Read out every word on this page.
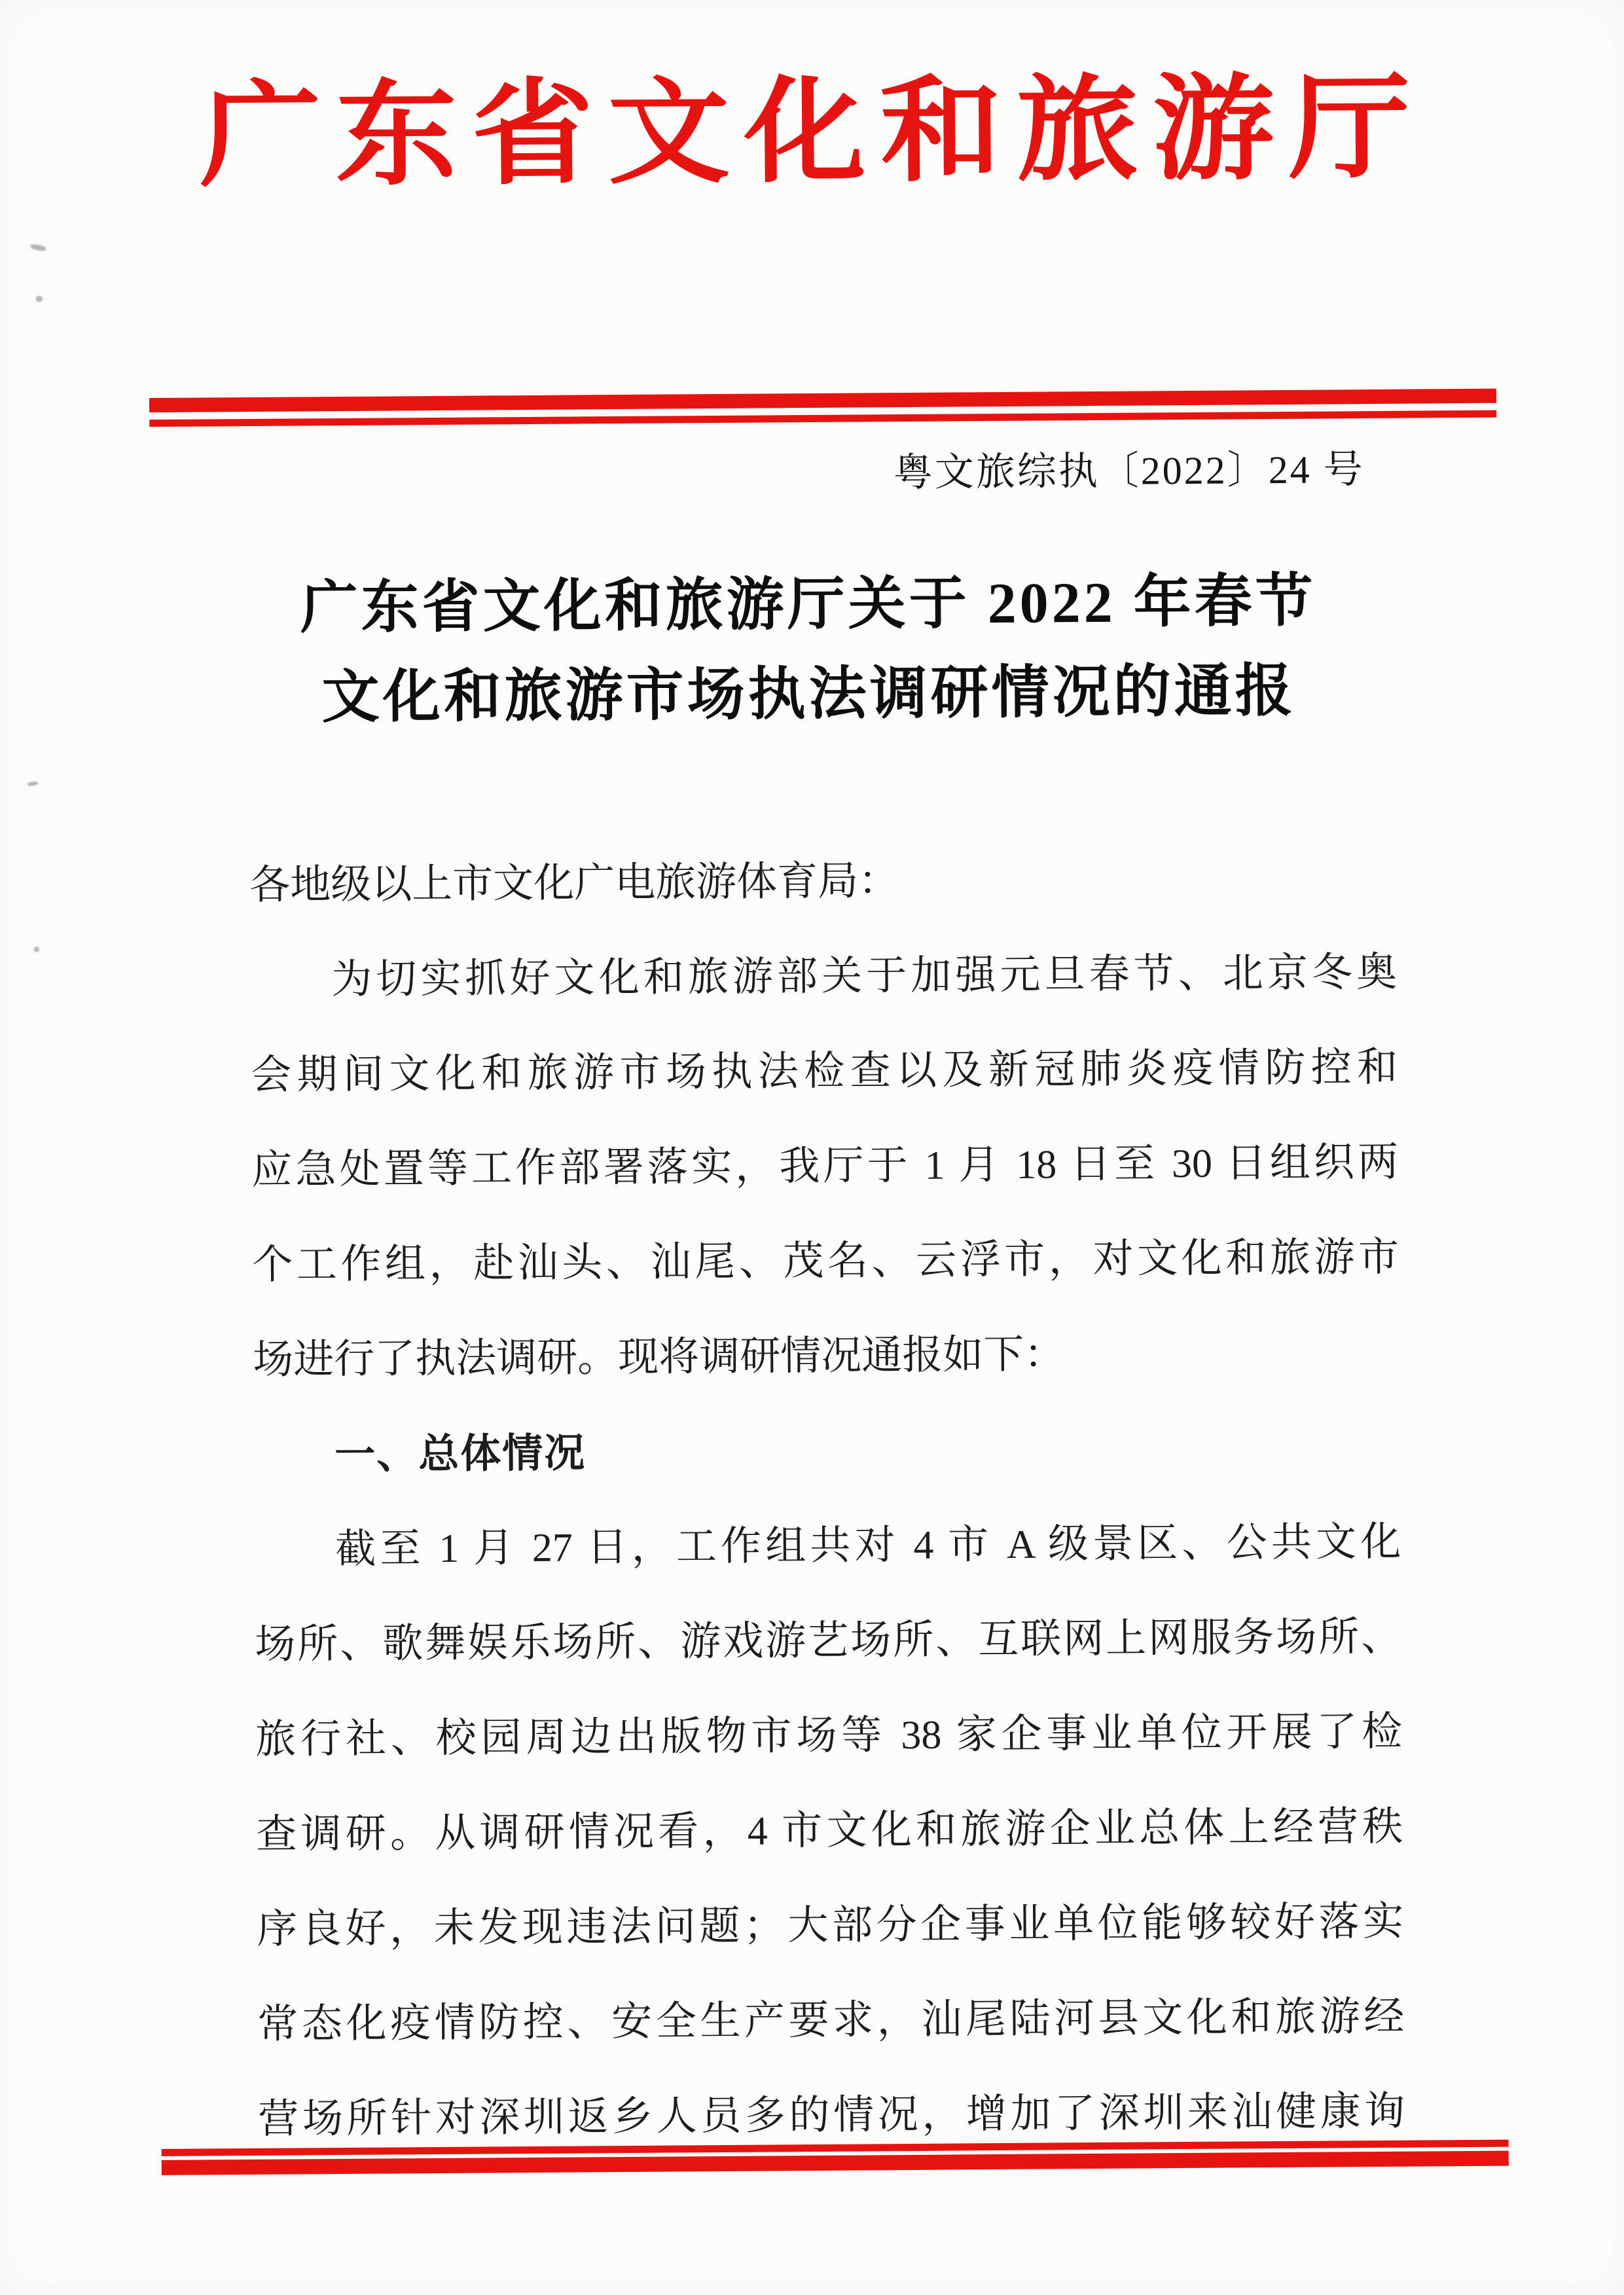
广东省文化和旅游厅
粤文旅综执〔2022〕24 号
广东省文化和旅游厅关于 2022 年春节
文化和旅游市场执法调研情况的通报
各地级以上市文化广电旅游体育局：
为切实抓好文化和旅游部关于加强元旦春节、北京冬奥
会期间文化和旅游市场执法检查以及新冠肺炎疫情防控和
应急处置等工作部署落实，我厅于 1 月 18 日至 30 日组织两
个工作组，赴汕头、汕尾、茂名、云浮市，对文化和旅游市
场进行了执法调研。现将调研情况通报如下：
一、总体情况
截至 1 月 27 日，工作组共对 4 市 A 级景区、公共文化
场所、歌舞娱乐场所、游戏游艺场所、互联网上网服务场所、
旅行社、校园周边出版物市场等 38 家企事业单位开展了检
查调研。从调研情况看，4 市文化和旅游企业总体上经营秩
序良好，未发现违法问题；大部分企事业单位能够较好落实
常态化疫情防控、安全生产要求，汕尾陆河县文化和旅游经
营场所针对深圳返乡人员多的情况，增加了深圳来汕健康询
